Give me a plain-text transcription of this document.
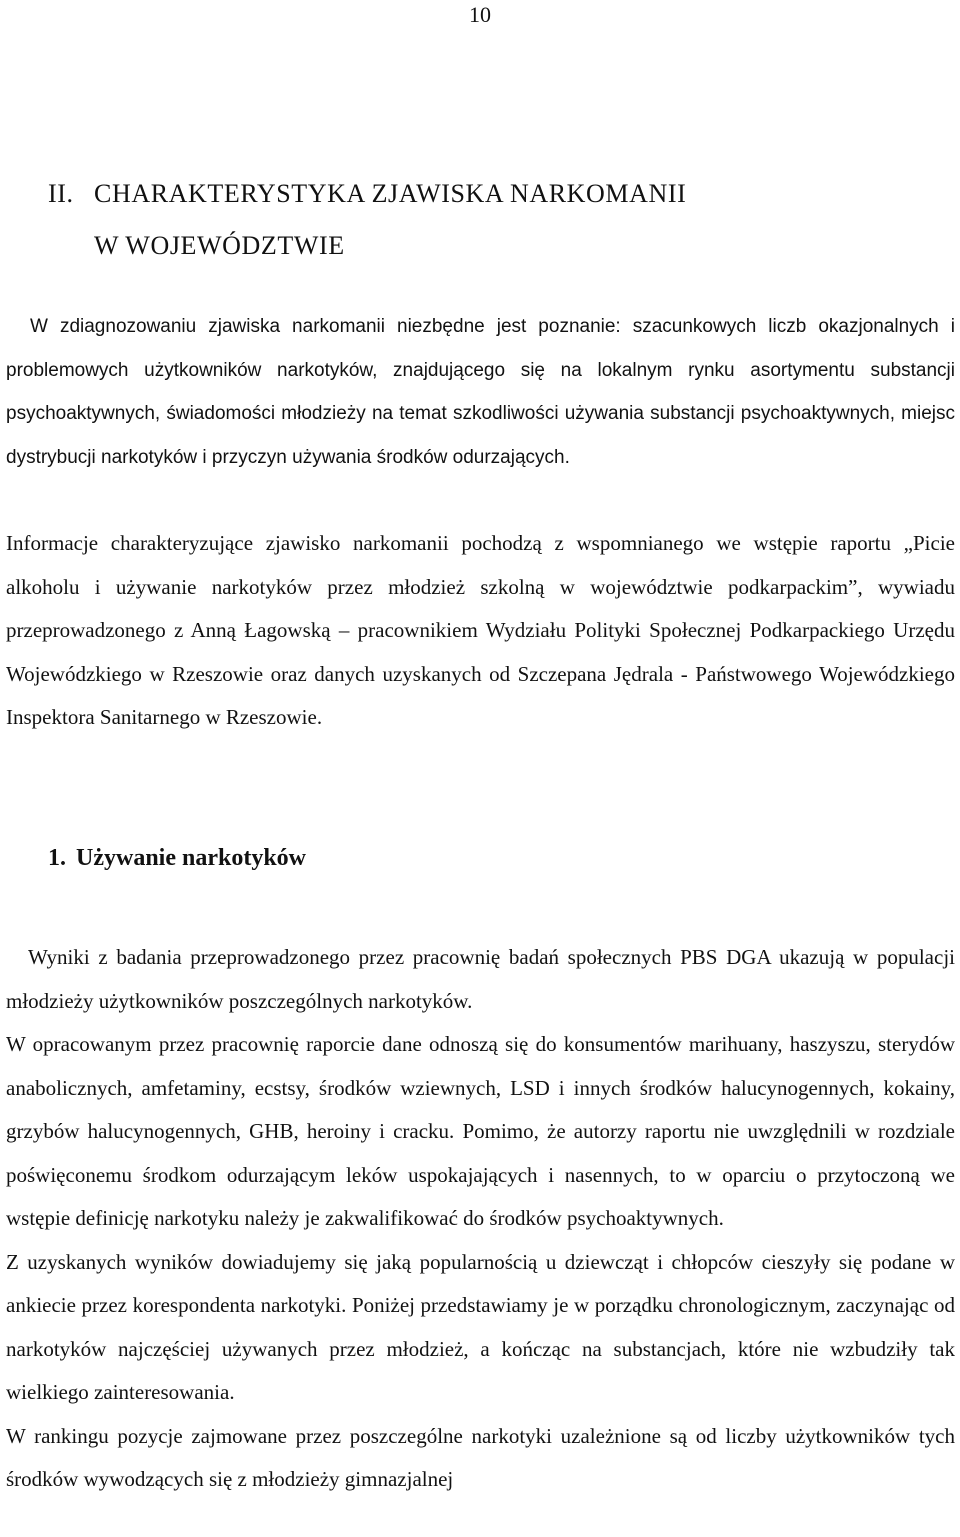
10
II. CHARAKTERYSTYKA ZJAWISKA NARKOMANII
W WOJEWÓDZTWIE
W zdiagnozowaniu zjawiska narkomanii niezbędne jest poznanie: szacunkowych liczb okazjonalnych i problemowych użytkowników narkotyków, znajdującego się na lokalnym rynku asortymentu substancji psychoaktywnych, świadomości młodzieży na temat szkodliwości używania substancji psychoaktywnych, miejsc dystrybucji narkotyków i przyczyn używania środków odurzających.

Informacje charakteryzujące zjawisko narkomanii pochodzą z wspomnianego we wstępie raportu „Picie alkoholu i używanie narkotyków przez młodzież szkolną w województwie podkarpackim”, wywiadu przeprowadzonego z Anną Łagowską – pracownikiem Wydziału Polityki Społecznej Podkarpackiego Urzędu Wojewódzkiego w Rzeszowie oraz danych uzyskanych od Szczepana Jędrala - Państwowego Wojewódzkiego Inspektora Sanitarnego w Rzeszowie.

1. Używanie narkotyków

Wyniki z badania przeprowadzonego przez pracownię badań społecznych PBS DGA ukazują w populacji młodzieży użytkowników poszczególnych narkotyków.

W opracowanym przez pracownię raporcie dane odnoszą się do konsumentów marihuany, haszyszu, sterydów anabolicznych, amfetaminy, ecstsy, środków wziewnych, LSD i innych środków halucynogennych, kokainy, grzybów halucynogennych, GHB, heroiny i cracku. Pomimo, że autorzy raportu nie uwzględnili w rozdziale poświęconemu środkom odurzającym leków uspokajających i nasennych, to w oparciu o przytoczoną we wstępie definicję narkotyku należy je zakwalifikować do środków psychoaktywnych.

Z uzyskanych wyników dowiadujemy się jaką popularnością u dziewcząt i chłopców cieszyły się podane w ankiecie przez korespondenta narkotyki. Poniżej przedstawiamy je w porządku chronologicznym, zaczynając od narkotyków najczęściej używanych przez młodzież, a kończąc na substancjach, które nie wzbudziły tak wielkiego zainteresowania.

W rankingu pozycje zajmowane przez poszczególne narkotyki uzależnione są od liczby użytkowników tych środków wywodzących się z młodzieży gimnazjalnej
